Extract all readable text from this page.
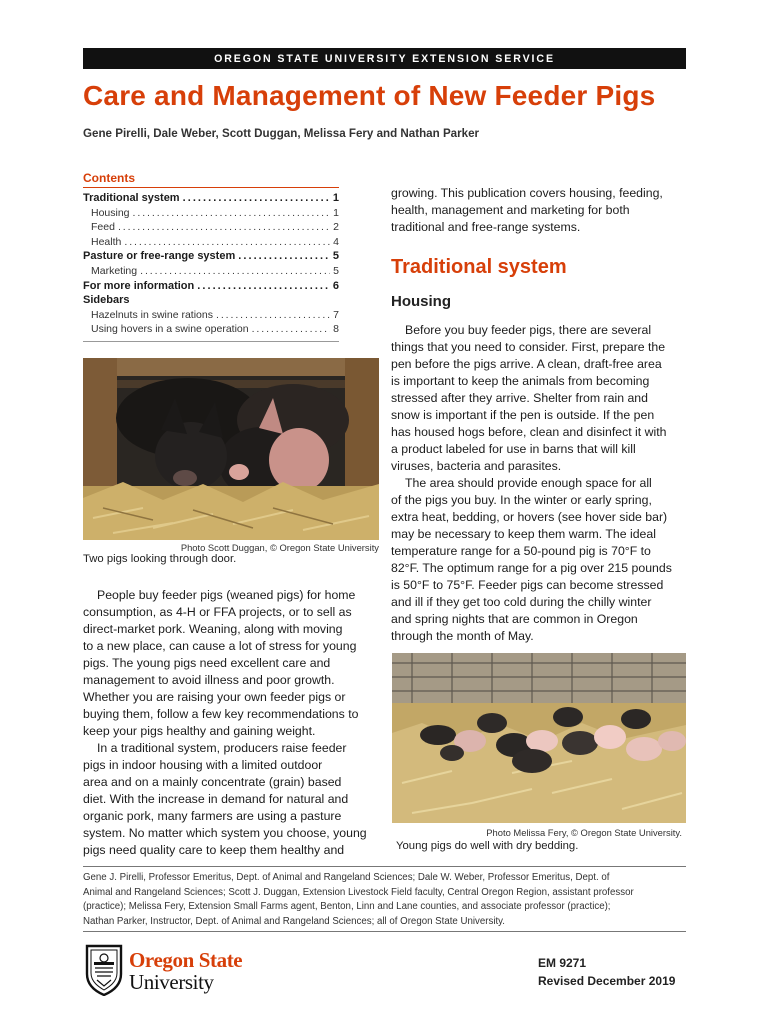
OREGON STATE UNIVERSITY EXTENSION SERVICE
Care and Management of New Feeder Pigs
Gene Pirelli, Dale Weber, Scott Duggan, Melissa Fery and Nathan Parker
Contents
Traditional system . . .	1
Housing . . .	1
Feed . . .	2
Health . . .	4
Pasture or free-range system . . .	5
Marketing . . .	5
For more information . . .	6
Sidebars
Hazelnuts in swine rations . . .	7
Using hovers in a swine operation . . .	8
Photo Scott Duggan, © Oregon State University
Two pigs looking through door.

People buy feeder pigs (weaned pigs) for home
consumption, as 4-H or FFA projects, or to sell as
direct-market pork. Weaning, along with moving
to a new place, can cause a lot of stress for young
pigs. The young pigs need excellent care and
management to avoid illness and poor growth.
Whether you are raising your own feeder pigs or
buying them, follow a few key recommendations to
keep your pigs healthy and gaining weight.

In a traditional system, producers raise feeder
pigs in indoor housing with a limited outdoor
area and on a mainly concentrate (grain) based
diet. With the increase in demand for natural and
organic pork, many farmers are using a pasture
system. No matter which system you choose, young
pigs need quality care to keep them healthy and

growing. This publication covers housing, feeding,
health, management and marketing for both
traditional and free-range systems.

Traditional system
Housing

Before you buy feeder pigs, there are several
things that you need to consider. First, prepare the
pen before the pigs arrive. A clean, draft-free area
is important to keep the animals from becoming
stressed after they arrive. Shelter from rain and
snow is important if the pen is outside. If the pen
has housed hogs before, clean and disinfect it with
a product labeled for use in barns that will kill
viruses, bacteria and parasites.

The area should provide enough space for all
of the pigs you buy. In the winter or early spring,
extra heat, bedding, or hovers (see hover side bar)
may be necessary to keep them warm. The ideal
temperature range for a 50-pound pig is 70°F to
82°F. The optimum range for a pig over 215 pounds
is 50°F to 75°F. Feeder pigs can become stressed
and ill if they get too cold during the chilly winter
and spring nights that are common in Oregon
through the month of May.

Photo Melissa Fery, © Oregon State University.
Young pigs do well with dry bedding.
Gene J. Pirelli, Professor Emeritus, Dept. of Animal and Rangeland Sciences; Dale W. Weber, Professor Emeritus, Dept. of
Animal and Rangeland Sciences; Scott J. Duggan, Extension Livestock Field faculty, Central Oregon Region, assistant professor
(practice); Melissa Fery, Extension Small Farms agent, Benton, Linn and Lane counties, and associate professor (practice);
Nathan Parker, Instructor, Dept. of Animal and Rangeland Sciences; all of Oregon State University.
Oregon State
University
EM 9271
Revised December 2019
